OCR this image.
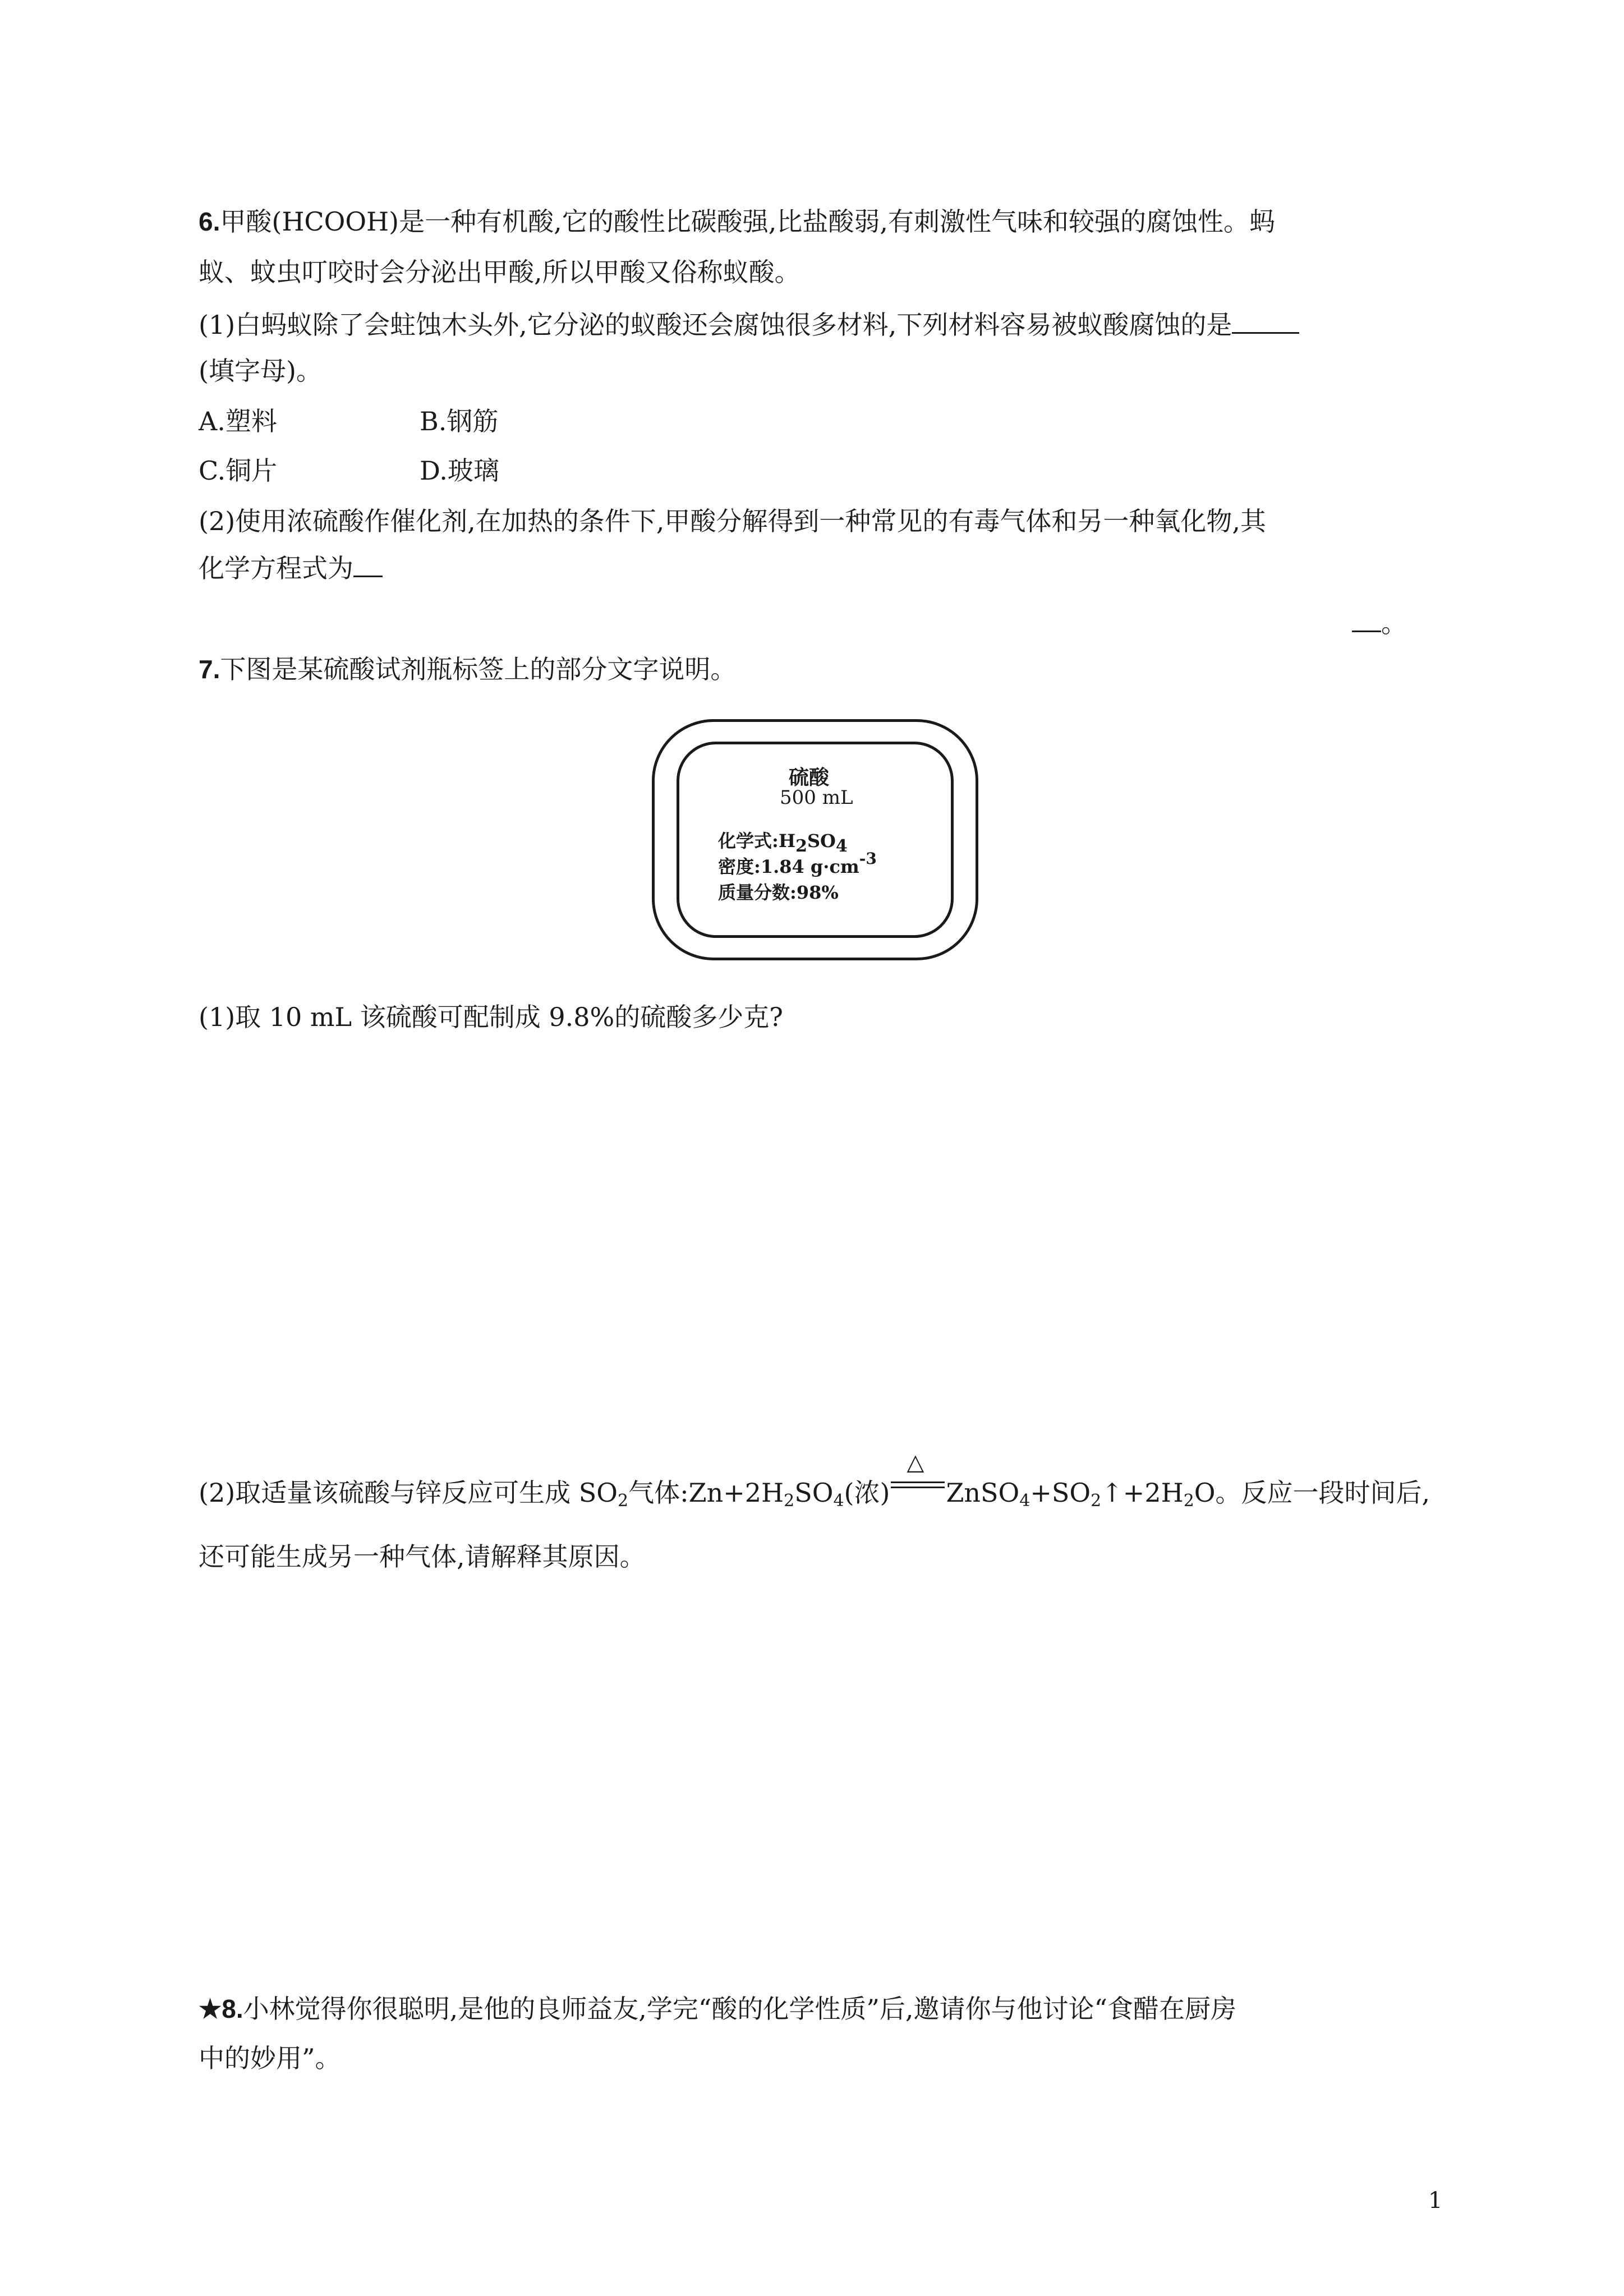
6.甲酸(HCOOH)是一种有机酸,它的酸性比碳酸强,比盐酸弱,有刺激性气味和较强的腐蚀性。蚂
蚁、蚊虫叮咬时会分泌出甲酸,所以甲酸又俗称蚁酸。
(1)白蚂蚁除了会蛀蚀木头外,它分泌的蚁酸还会腐蚀很多材料,下列材料容易被蚁酸腐蚀的是
(填字母)。
A.塑料	B.钢筋
C.铜片	D.玻璃
(2)使用浓硫酸作催化剂,在加热的条件下,甲酸分解得到一种常见的有毒气体和另一种氧化物,其
化学方程式为
。
7.下图是某硫酸试剂瓶标签上的部分文字说明。
硫酸
500 mL
化学式$:H_2SO_4$
密度:1.84 $g\cdot cm^{-3}$
质量分数:98%
(1)取 10 mL 该硫酸可配制成 9.8%的硫酸多少克?
(2)取适量该硫酸与锌反应可生成 $SO_2$气体$:Zn+2H_2SO_4$(浓)
△
$ZnSO_4+SO_2↑+2H_2O$。反应一段时间后,
还可能生成另一种气体,请解释其原因。
★8.小林觉得你很聪明,是他的良师益友,学完“酸的化学性质”后,邀请你与他讨论“食醋在厨房
中的妙用”。
1
